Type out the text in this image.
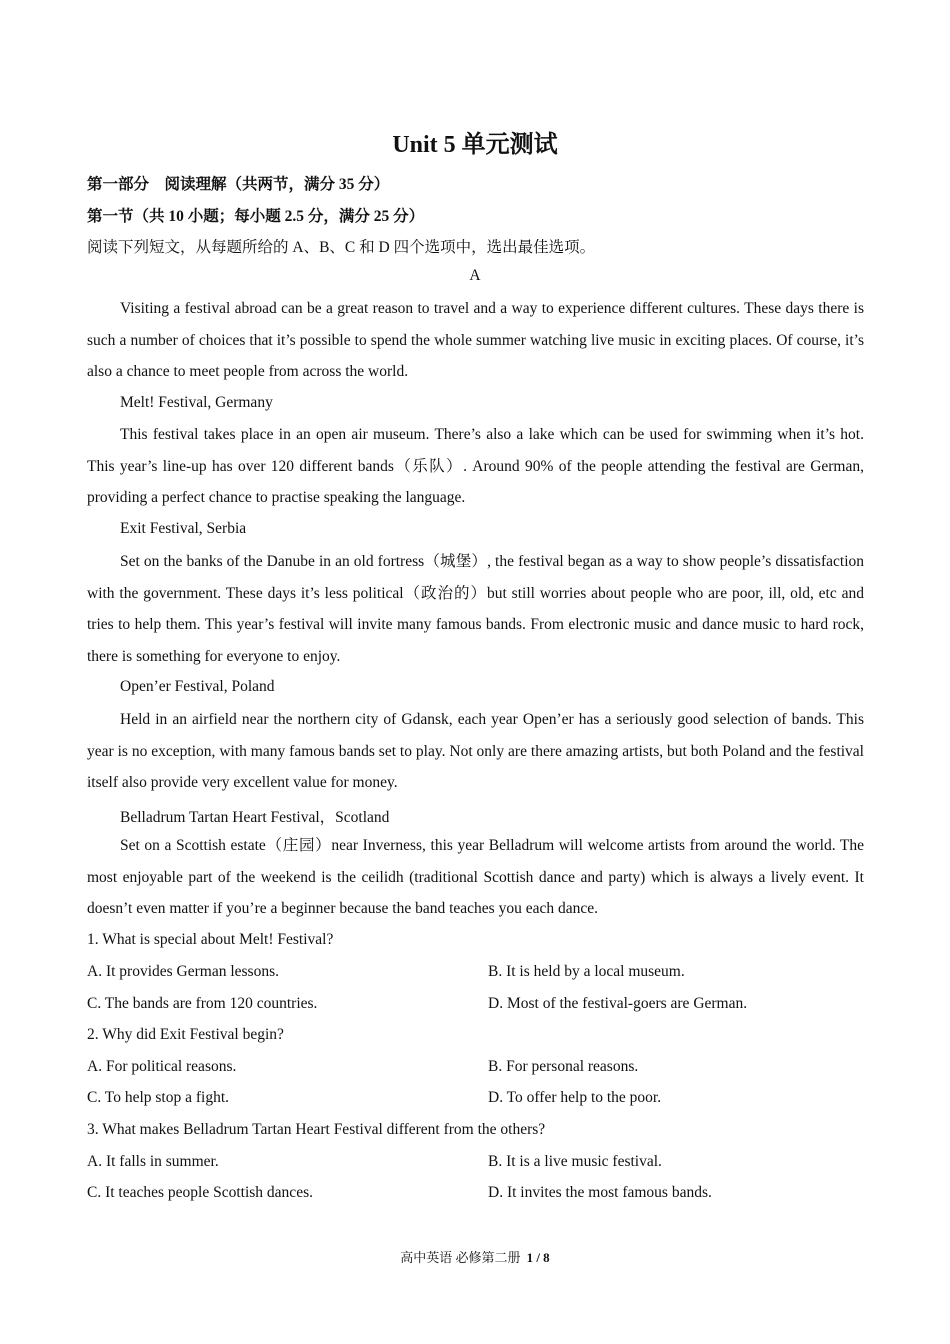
Unit 5 单元测试
第一部分　阅读理解（共两节，满分 35 分）
第一节（共 10 小题；每小题 2.5 分，满分 25 分）
阅读下列短文，从每题所给的 A、B、C 和 D 四个选项中，选出最佳选项。
A

Visiting a festival abroad can be a great reason to travel and a way to experience different cultures. These days there is such a number of choices that it’s possible to spend the whole summer watching live music in exciting places. Of course, it’s also a chance to meet people from across the world.

Melt! Festival, Germany

This festival takes place in an open air museum. There’s also a lake which can be used for swimming when it’s hot. This year’s line-up has over 120 different bands（乐队）. Around 90% of the people attending the festival are German, providing a perfect chance to practise speaking the language.

Exit Festival, Serbia

Set on the banks of the Danube in an old fortress（城堡）, the festival began as a way to show people’s dissatisfaction with the government. These days it’s less political（政治的）but still worries about people who are poor, ill, old, etc and tries to help them. This year’s festival will invite many famous bands. From electronic music and dance music to hard rock, there is something for everyone to enjoy.

Open’er Festival, Poland

Held in an airfield near the northern city of Gdansk, each year Open’er has a seriously good selection of bands. This year is no exception, with many famous bands set to play. Not only are there amazing artists, but both Poland and the festival itself also provide very excellent value for money.

Belladrum Tartan Heart Festival，Scotland

Set on a Scottish estate（庄园）near Inverness, this year Belladrum will welcome artists from around the world. The most enjoyable part of the weekend is the ceilidh (traditional Scottish dance and party) which is always a lively event. It doesn’t even matter if you’re a beginner because the band teaches you each dance.

1. What is special about Melt! Festival?
A. It provides German lessons.	B. It is held by a local museum.
C. The bands are from 120 countries.	D. Most of the festival-goers are German.
2. Why did Exit Festival begin?
A. For political reasons.	B. For personal reasons.
C. To help stop a fight.	D. To offer help to the poor.
3. What makes Belladrum Tartan Heart Festival different from the others?
A. It falls in summer.	B. It is a live music festival.
C. It teaches people Scottish dances.	D. It invites the most famous bands.
高中英语 必修第二册 1 / 8
